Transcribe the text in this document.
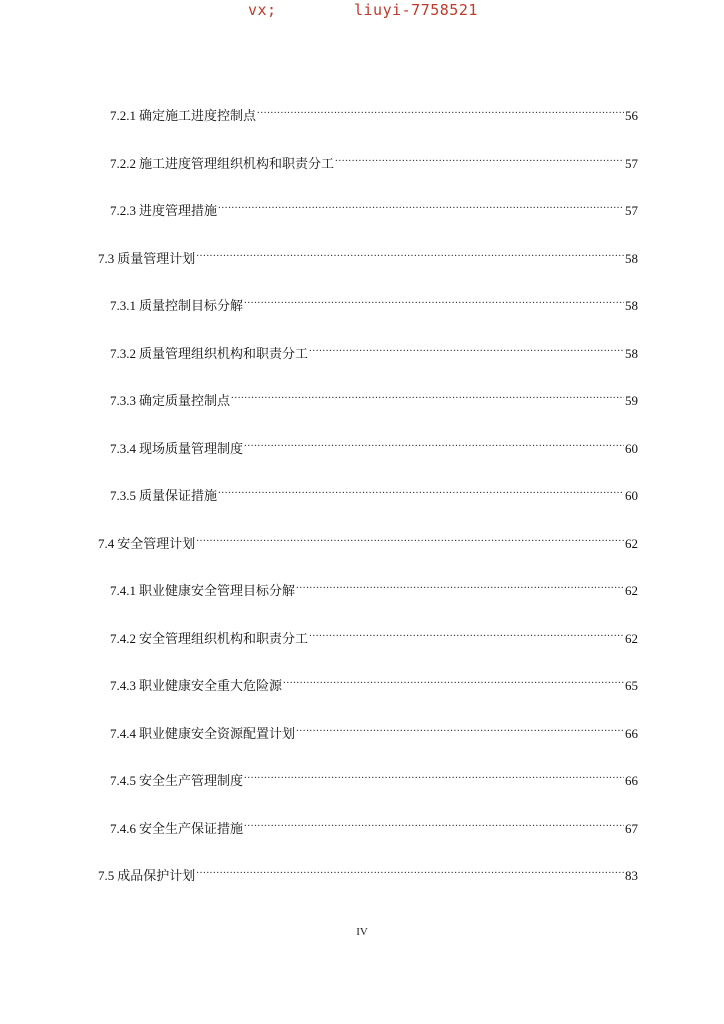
vx;	liuyi-7758521
7.2.1 确定施工进度控制点 .....	56
7.2.2 施工进度管理组织机构和职责分工 .....	57
7.2.3 进度管理措施 .....	57
7.3 质量管理计划 .....	58
7.3.1 质量控制目标分解 .....	58
7.3.2 质量管理组织机构和职责分工 .....	58
7.3.3 确定质量控制点 .....	59
7.3.4 现场质量管理制度 .....	60
7.3.5 质量保证措施 .....	60
7.4 安全管理计划 .....	62
7.4.1 职业健康安全管理目标分解 .....	62
7.4.2 安全管理组织机构和职责分工 .....	62
7.4.3 职业健康安全重大危险源 .....	65
7.4.4 职业健康安全资源配置计划 .....	66
7.4.5 安全生产管理制度 .....	66
7.4.6 安全生产保证措施 .....	67
7.5 成品保护计划 .....	83
IV
